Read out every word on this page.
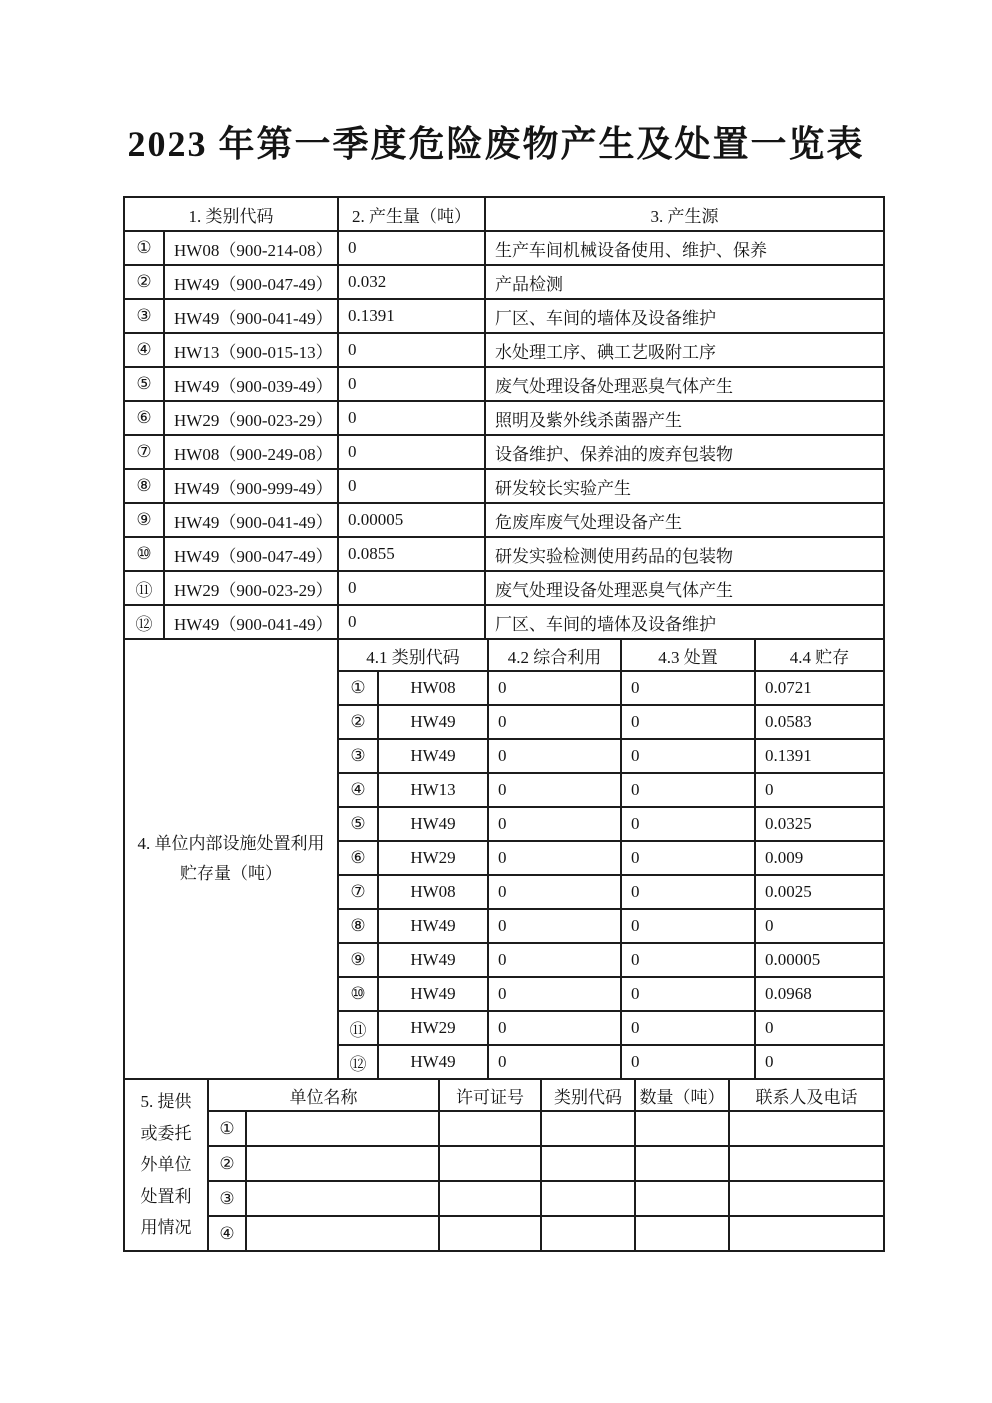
2023 年第一季度危险废物产生及处置一览表
1. 类别代码	2. 产生量（吨）	3. 产生源
①	HW08（900-214-08） 0	生产车间机械设备使用、维护、保养
②	HW49（900-047-49） 0.032	产品检测
③	HW49（900-041-49） 0.1391	厂区、车间的墙体及设备维护
④	HW13（900-015-13） 0	水处理工序、碘工艺吸附工序
⑤	HW49（900-039-49） 0	废气处理设备处理恶臭气体产生
⑥	HW29（900-023-29） 0	照明及紫外线杀菌器产生
⑦	HW08（900-249-08） 0	设备维护、保养油的废弃包装物
⑧	HW49（900-999-49） 0	研发较长实验产生
⑨	HW49（900-041-49） 0.00005	危废库废气处理设备产生
⑩	HW49（900-047-49） 0.0855	研发实验检测使用药品的包装物
⑪	HW29（900-023-29） 0	废气处理设备处理恶臭气体产生
⑫	HW49（900-041-49） 0	厂区、车间的墙体及设备维护
4. 单位内部设施处置利用
贮存量（吨）
4.1 类别代码	4.2 综合利用	4.3 处置	4.4 贮存
①	HW08	0	0	0.0721
②	HW49	0	0	0.0583
③	HW49	0	0	0.1391
④	HW13	0	0	0
⑤	HW49	0	0	0.0325
⑥	HW29	0	0	0.009
⑦	HW08	0	0	0.0025
⑧	HW49	0	0	0
⑨	HW49	0	0	0.00005
⑩	HW49	0	0	0.0968
⑪	HW29	0	0	0
⑫	HW49	0	0	0
5. 提供
或委托
外单位
处置利
用情况
单位名称	许可证号	类别代码	数量（吨）	联系人及电话
①
②
③
④
